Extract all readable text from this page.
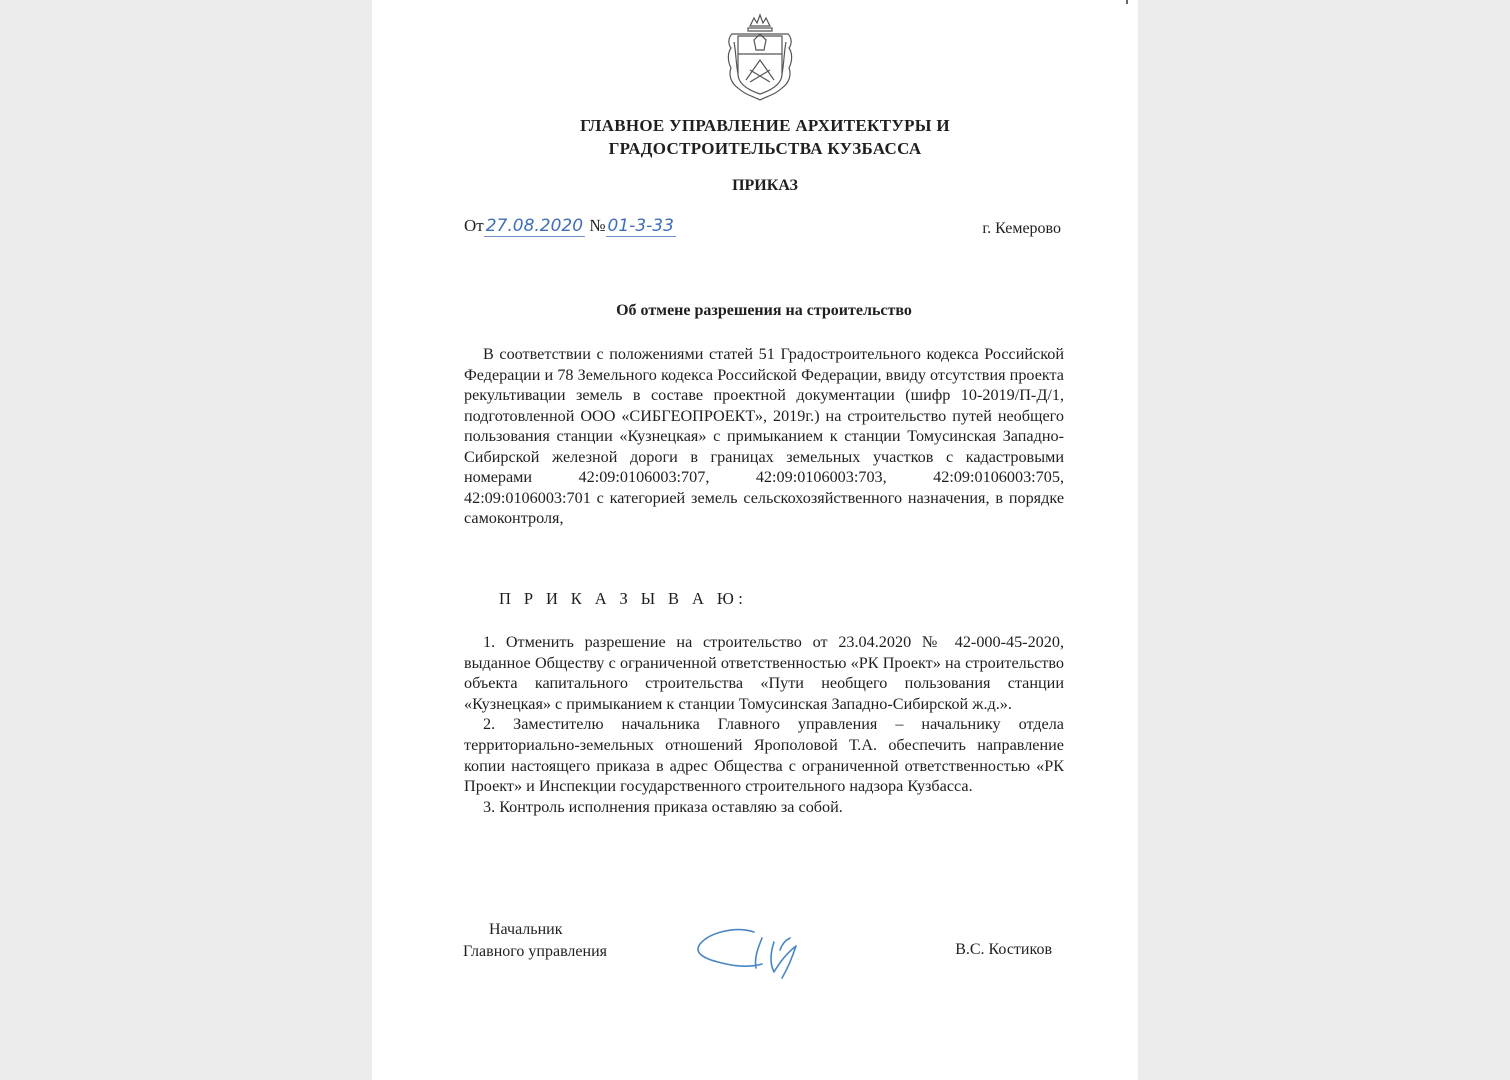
ГЛАВНОЕ УПРАВЛЕНИЕ АРХИТЕКТУРЫ И
ГРАДОСТРОИТЕЛЬСТВА КУЗБАССА
ПРИКАЗ
От 27.08.2020 № 01-3-33	г. Кемерово
Об отмене разрешения на строительство

В соответствии с положениями статей 51 Градостроительного кодекса Российской Федерации и 78 Земельного кодекса Российской Федерации, ввиду отсутствия проекта рекультивации земель в составе проектной документации (шифр 10-2019/П-Д/1, подготовленной ООО «СИБГЕОПРОЕКТ», 2019г.) на строительство путей необщего пользования станции «Кузнецкая» с примыканием к станции Томусинская Западно-Сибирской железной дороги в границах земельных участков с кадастровыми номерами 42:09:0106003:707, 42:09:0106003:703, 42:09:0106003:705, 42:09:0106003:701 с категорией земель сельскохозяйственного назначения, в порядке самоконтроля,

П Р И К А З Ы В А Ю:

1. Отменить разрешение на строительство от 23.04.2020 № 42-000-45-2020, выданное Обществу с ограниченной ответственностью «РК Проект» на строительство объекта капитального строительства «Пути необщего пользования станции «Кузнецкая» с примыканием к станции Томусинская Западно-Сибирской ж.д.».

2. Заместителю начальника Главного управления – начальнику отдела территориально-земельных отношений Ярополовой Т.А. обеспечить направление копии настоящего приказа в адрес Общества с ограниченной ответственностью «РК Проект» и Инспекции государственного строительного надзора Кузбасса.

3. Контроль исполнения приказа оставляю за собой.

Начальник
Главного управления	В.С. Костиков
